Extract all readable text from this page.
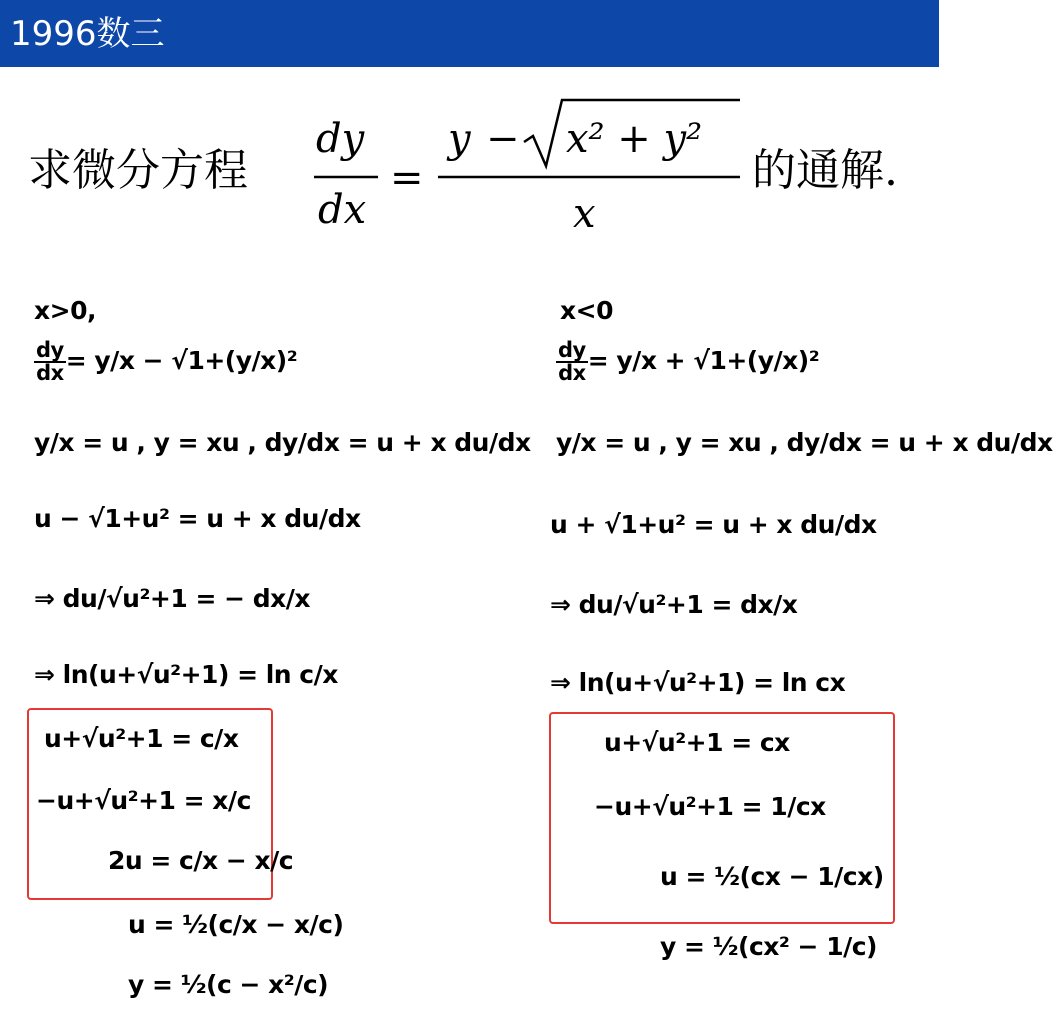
1996数三
求微分方程
dy
dx
=
y − x² + y²
x
的通解.
x>0,
$\frac{dy}{dx} = y/x - √1+(y/x)^2$
y/x = u , y = xu , dy/dx = u + x du/dx
u − √1+u² = u + x du/dx
⇒ du/√u²+1 = − dx/x
⇒ ln(u+√u²+1) = ln c/x
u+√u²+1 = c/x
−u+√u²+1 = x/c
2u = c/x − x/c
u = ½(c/x − x/c)
y = ½(c − x²/c)
x<0
$\frac{dy}{dx} = y/x + √1+(y/x)^2$
y/x = u , y = xu , dy/dx = u + x du/dx
u + √1+u² = u + x du/dx
⇒ du/√u²+1 = dx/x
⇒ ln(u+√u²+1) = ln cx
u+√u²+1 = cx
−u+√u²+1 = 1/cx
u = ½(cx − 1/cx)
y = ½(cx² − 1/c)
